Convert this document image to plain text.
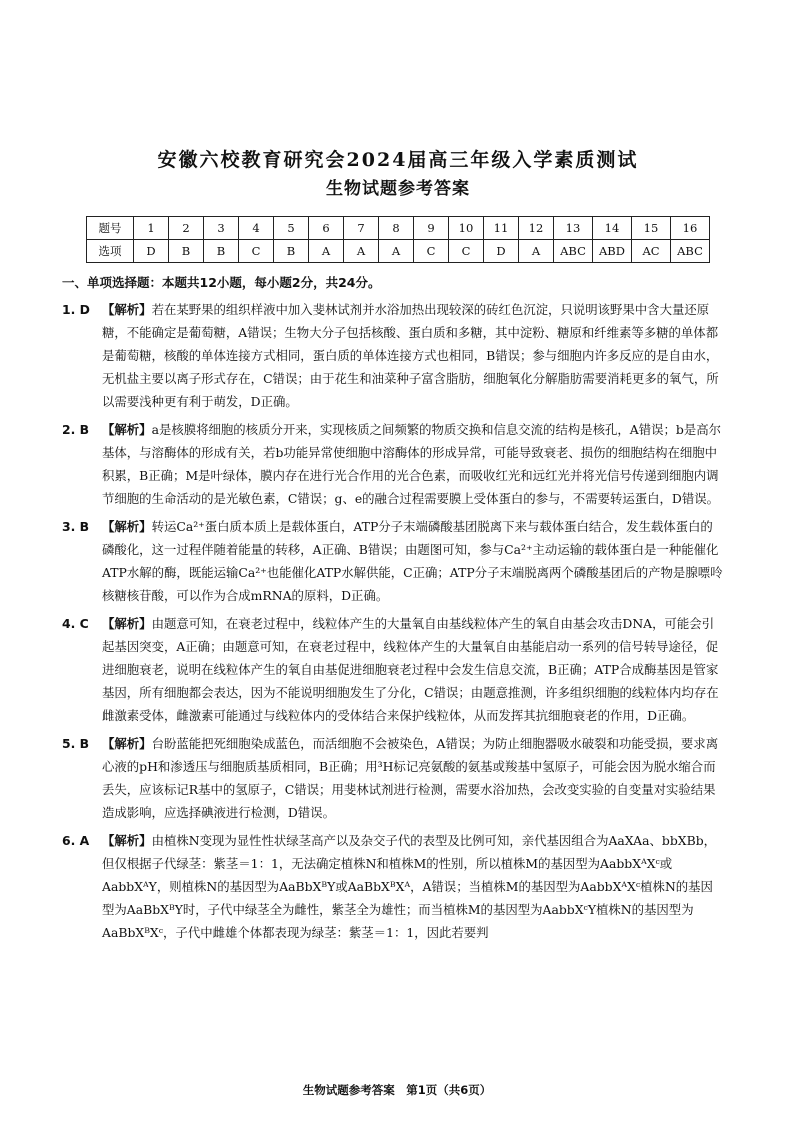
安徽六校教育研究会2024届高三年级入学素质测试
生物试题参考答案
题号	1	2	3	4	5	6	7	8	9	10	11	12	13	14	15	16
选项	D	B	B	C	B	A	A	A	C	C	D	A	ABC	ABD	AC	ABC
一、单项选择题：本题共12小题，每小题2分，共24分。
1. D 【解析】若在某野果的组织样液中加入斐林试剂并水浴加热出现较深的砖红色沉淀，只说明该野果中含大量还原糖，不能确定是葡萄糖，A错误；生物大分子包括核酸、蛋白质和多糖，其中淀粉、糖原和纤维素等多糖的单体都是葡萄糖，核酸的单体连接方式相同，蛋白质的单体连接方式也相同，B错误；参与细胞内许多反应的是自由水，无机盐主要以离子形式存在，C错误；由于花生和油菜种子富含脂肪，细胞氧化分解脂肪需要消耗更多的氧气，所以需要浅种更有利于萌发，D正确。
2. B 【解析】a是核膜将细胞的核质分开来，实现核质之间频繁的物质交换和信息交流的结构是核孔，A错误；b是高尔基体，与溶酶体的形成有关，若b功能异常使细胞中溶酶体的形成异常，可能导致衰老、损伤的细胞结构在细胞中积累，B正确；M是叶绿体，膜内存在进行光合作用的光合色素，而吸收红光和远红光并将光信号传递到细胞内调节细胞的生命活动的是光敏色素，C错误；g、e的融合过程需要膜上受体蛋白的参与，不需要转运蛋白，D错误。
3. B 【解析】转运Ca²⁺蛋白质本质上是载体蛋白，ATP分子末端磷酸基团脱离下来与载体蛋白结合，发生载体蛋白的磷酸化，这一过程伴随着能量的转移，A正确、B错误；由题图可知，参与Ca²⁺主动运输的载体蛋白是一种能催化ATP水解的酶，既能运输Ca²⁺也能催化ATP水解供能，C正确；ATP分子末端脱离两个磷酸基团后的产物是腺嘌呤核糖核苷酸，可以作为合成mRNA的原料，D正确。
4. C 【解析】由题意可知，在衰老过程中，线粒体产生的大量氧自由基线粒体产生的氧自由基会攻击DNA，可能会引起基因突变，A正确；由题意可知，在衰老过程中，线粒体产生的大量氧自由基能启动一系列的信号转导途径，促进细胞衰老，说明在线粒体产生的氧自由基促进细胞衰老过程中会发生信息交流，B正确；ATP合成酶基因是管家基因，所有细胞都会表达，因为不能说明细胞发生了分化，C错误；由题意推测，许多组织细胞的线粒体内均存在雌激素受体，雌激素可能通过与线粒体内的受体结合来保护线粒体，从而发挥其抗细胞衰老的作用，D正确。
5. B 【解析】台盼蓝能把死细胞染成蓝色，而活细胞不会被染色，A错误；为防止细胞器吸水破裂和功能受损，要求离心液的pH和渗透压与细胞质基质相同，B正确；用³H标记亮氨酸的氨基或羧基中氢原子，可能会因为脱水缩合而丢失，应该标记R基中的氢原子，C错误；用斐林试剂进行检测，需要水浴加热，会改变实验的自变量对实验结果造成影响，应选择碘液进行检测，D错误。
6. A 【解析】由植株N变现为显性性状绿茎高产以及杂交子代的表型及比例可知，亲代基因组合为AaXAa、bbXBb，但仅根据子代绿茎：紫茎＝1：1，无法确定植株N和植株M的性别，所以植株M的基因型为AabbXᴬXᶜ或AabbXᴬY，则植株N的基因型为AaBbXᴮY或AaBbXᴮXᴬ，A错误；当植株M的基因型为AabbXᴬXᶜ植株N的基因型为AaBbXᴮY时，子代中绿茎全为雌性，紫茎全为雄性；而当植株M的基因型为AabbXᶜY植株N的基因型为AaBbXᴮXᶜ，子代中雌雄个体都表现为绿茎：紫茎＝1：1，因此若要判
生物试题参考答案　第1页（共6页）
